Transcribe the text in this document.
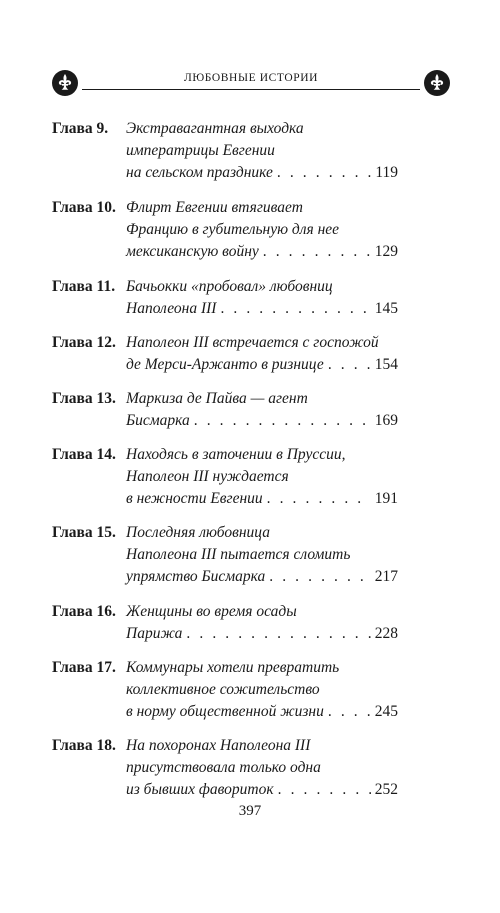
ЛЮБОВНЫЕ ИСТОРИИ
Глава 9. Экстравагантная выходка
императрицы Евгении
на сельском празднике . . .	119
Глава 10. Флирт Евгении втягивает
Францию в губительную для нее
мексиканскую войну . . .	129
Глава 11. Бачьокки «пробовал» любовниц
Наполеона III . . .	145
Глава 12. Наполеон III встречается с госпожой
де Мерси-Аржанто в ризнице . . .	154
Глава 13. Маркиза де Пайва — агент
Бисмарка . . .	169
Глава 14. Находясь в заточении в Пруссии,
Наполеон III нуждается
в нежности Евгении . . .	191
Глава 15. Последняя любовница
Наполеона III пытается сломить
упрямство Бисмарка . . .	217
Глава 16. Женщины во время осады
Парижа . . .	228
Глава 17. Коммунары хотели превратить
коллективное сожительство
в норму общественной жизни . . .	245
Глава 18. На похоронах Наполеона III
присутствовала только одна
из бывших фавориток . . .	252
397
